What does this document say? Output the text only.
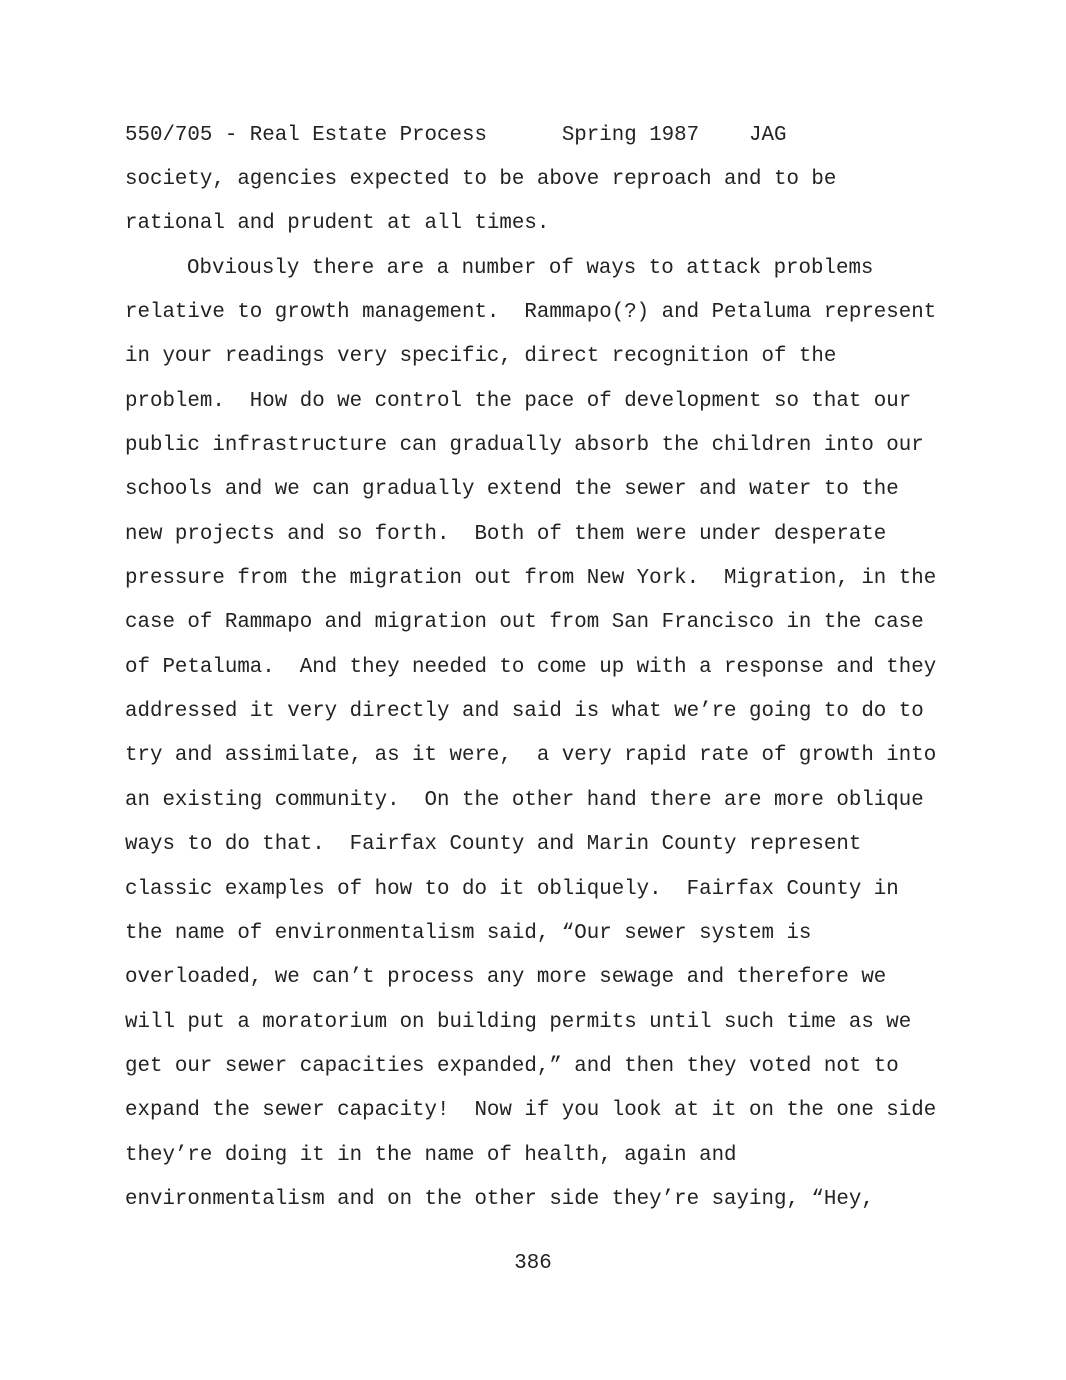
550/705 - Real Estate Process	Spring 1987 JAG
society, agencies expected to be above reproach and to be
rational and prudent at all times.
Obviously there are a number of ways to attack problems
relative to growth management.  Rammapo(?) and Petaluma represent
in your readings very specific, direct recognition of the
problem.  How do we control the pace of development so that our
public infrastructure can gradually absorb the children into our
schools and we can gradually extend the sewer and water to the
new projects and so forth.  Both of them were under desperate
pressure from the migration out from New York.  Migration, in the
case of Rammapo and migration out from San Francisco in the case
of Petaluma.  And they needed to come up with a response and they
addressed it very directly and said is what we’re going to do to
try and assimilate, as it were,  a very rapid rate of growth into
an existing community.  On the other hand there are more oblique
ways to do that.  Fairfax County and Marin County represent
classic examples of how to do it obliquely.  Fairfax County in
the name of environmentalism said, “Our sewer system is
overloaded, we can’t process any more sewage and therefore we
will put a moratorium on building permits until such time as we
get our sewer capacities expanded,” and then they voted not to
expand the sewer capacity!  Now if you look at it on the one side
they’re doing it in the name of health, again and
environmentalism and on the other side they’re saying, “Hey,
386
